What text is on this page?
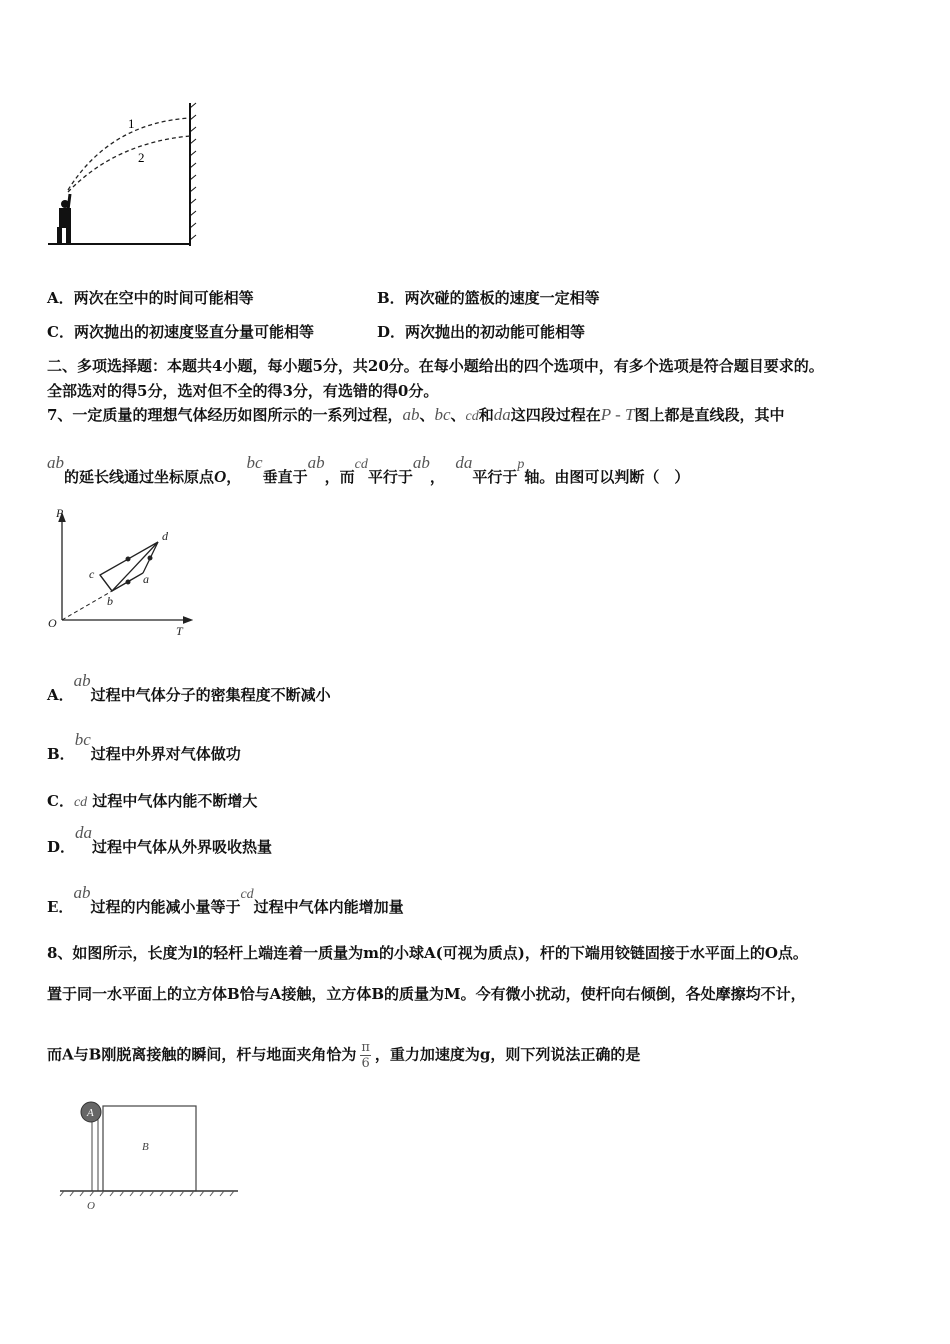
1
2
A．两次在空中的时间可能相等	B．两次碰的篮板的速度一定相等
C．两次抛出的初速度竖直分量可能相等	D．两次抛出的初动能可能相等
二、多项选择题：本题共4小题，每小题5分，共20分。在每小题给出的四个选项中，有多个选项是符合题目要求的。
全部选对的得5分，选对但不全的得3分，有选错的得0分。
7、一定质量的理想气体经历如图所示的一系列过程，ab、bc、cd和da这四段过程在P - T图上都是直线段，其中
ab的延长线通过坐标原点O， bc垂直于ab，而cd平行于ab，  da平行于p轴。由图可以判断（　）
P
T
O
a
b
c
d
A．ab过程中气体分子的密集程度不断减小
B．bc过程中外界对气体做功
C．cd 过程中气体内能不断增大
D．da过程中气体从外界吸收热量
E．ab过程的内能减小量等于cd过程中气体内能增加量
8、如图所示，长度为l的轻杆上端连着一质量为m的小球A(可视为质点)，杆的下端用铰链固接于水平面上的O点。
置于同一水平面上的立方体B恰与A接触，立方体B的质量为M。今有微小扰动，使杆向右倾倒，各处摩擦均不计，
而A与B刚脱离接触的瞬间，杆与地面夹角恰为 $\frac{\pi}{6}$ ，重力加速度为g，则下列说法正确的是
A
B
O
